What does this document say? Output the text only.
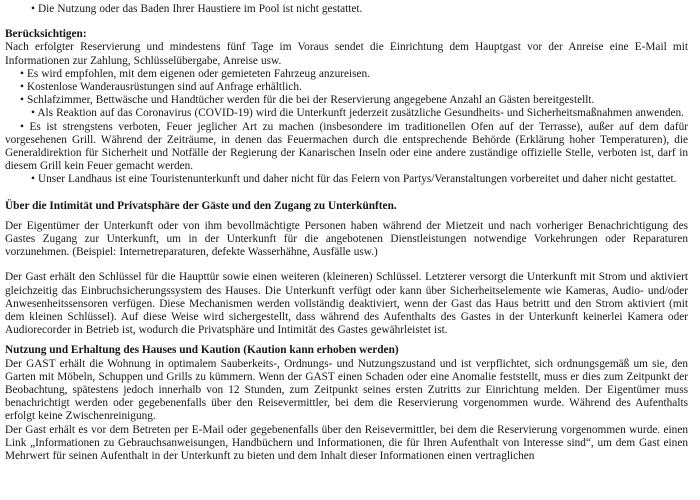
• Die Nutzung oder das Baden Ihrer Haustiere im Pool ist nicht gestattet.
Berücksichtigen:
Nach erfolgter Reservierung und mindestens fünf Tage im Voraus sendet die Einrichtung dem Hauptgast vor der Anreise eine E-Mail mit Informationen zur Zahlung, Schlüsselübergabe, Anreise usw.
• Es wird empfohlen, mit dem eigenen oder gemieteten Fahrzeug anzureisen.
• Kostenlose Wanderausrüstungen sind auf Anfrage erhältlich.
• Schlafzimmer, Bettwäsche und Handtücher werden für die bei der Reservierung angegebene Anzahl an Gästen bereitgestellt.
• Als Reaktion auf das Coronavirus (COVID-19) wird die Unterkunft jederzeit zusätzliche Gesundheits- und Sicherheitsmaßnahmen anwenden.
• Es ist strengstens verboten, Feuer jeglicher Art zu machen (insbesondere im traditionellen Ofen auf der Terrasse), außer auf dem dafür vorgesehenen Grill. Während der Zeiträume, in denen das Feuermachen durch die entsprechende Behörde (Erklärung hoher Temperaturen), die Generaldirektion für Sicherheit und Notfälle der Regierung der Kanarischen Inseln oder eine andere zuständige offizielle Stelle, verboten ist, darf in diesem Grill kein Feuer gemacht werden.
• Unser Landhaus ist eine Touristenunterkunft und daher nicht für das Feiern von Partys/Veranstaltungen vorbereitet und daher nicht gestattet.
Über die Intimität und Privatsphäre der Gäste und den Zugang zu Unterkünften.
Der Eigentümer der Unterkunft oder von ihm bevollmächtigte Personen haben während der Mietzeit und nach vorheriger Benachrichtigung des Gastes Zugang zur Unterkunft, um in der Unterkunft für die angebotenen Dienstleistungen notwendige Vorkehrungen oder Reparaturen vorzunehmen. (Beispiel: Internetreparaturen, defekte Wasserhähne, Ausfälle usw.)
Der Gast erhält den Schlüssel für die Haupttür sowie einen weiteren (kleineren) Schlüssel. Letzterer versorgt die Unterkunft mit Strom und aktiviert gleichzeitig das Einbruchsicherungssystem des Hauses. Die Unterkunft verfügt oder kann über Sicherheitselemente wie Kameras, Audio- und/oder Anwesenheitssensoren verfügen. Diese Mechanismen werden vollständig deaktiviert, wenn der Gast das Haus betritt und den Strom aktiviert (mit dem kleinen Schlüssel). Auf diese Weise wird sichergestellt, dass während des Aufenthalts des Gastes in der Unterkunft keinerlei Kamera oder Audiorecorder in Betrieb ist, wodurch die Privatsphäre und Intimität des Gastes gewährleistet ist.
Nutzung und Erhaltung des Hauses und Kaution (Kaution kann erhoben werden)
Der GAST erhält die Wohnung in optimalem Sauberkeits-, Ordnungs- und Nutzungszustand und ist verpflichtet, sich ordnungsgemäß um sie, den Garten mit Möbeln, Schuppen und Grills zu kümmern. Wenn der GAST einen Schaden oder eine Anomalie feststellt, muss er dies zum Zeitpunkt der Beobachtung, spätestens jedoch innerhalb von 12 Stunden, zum Zeitpunkt seines ersten Zutritts zur Einrichtung melden. Der Eigentümer muss benachrichtigt werden oder gegebenenfalls über den Reisevermittler, bei dem die Reservierung vorgenommen wurde. Während des Aufenthalts erfolgt keine Zwischenreinigung.
Der Gast erhält es vor dem Betreten per E-Mail oder gegebenenfalls über den Reisevermittler, bei dem die Reservierung vorgenommen wurde. einen Link „Informationen zu Gebrauchsanweisungen, Handbüchern und Informationen, die für Ihren Aufenthalt von Interesse sind“, um dem Gast einen Mehrwert für seinen Aufenthalt in der Unterkunft zu bieten und dem Inhalt dieser Informationen einen vertraglichen
